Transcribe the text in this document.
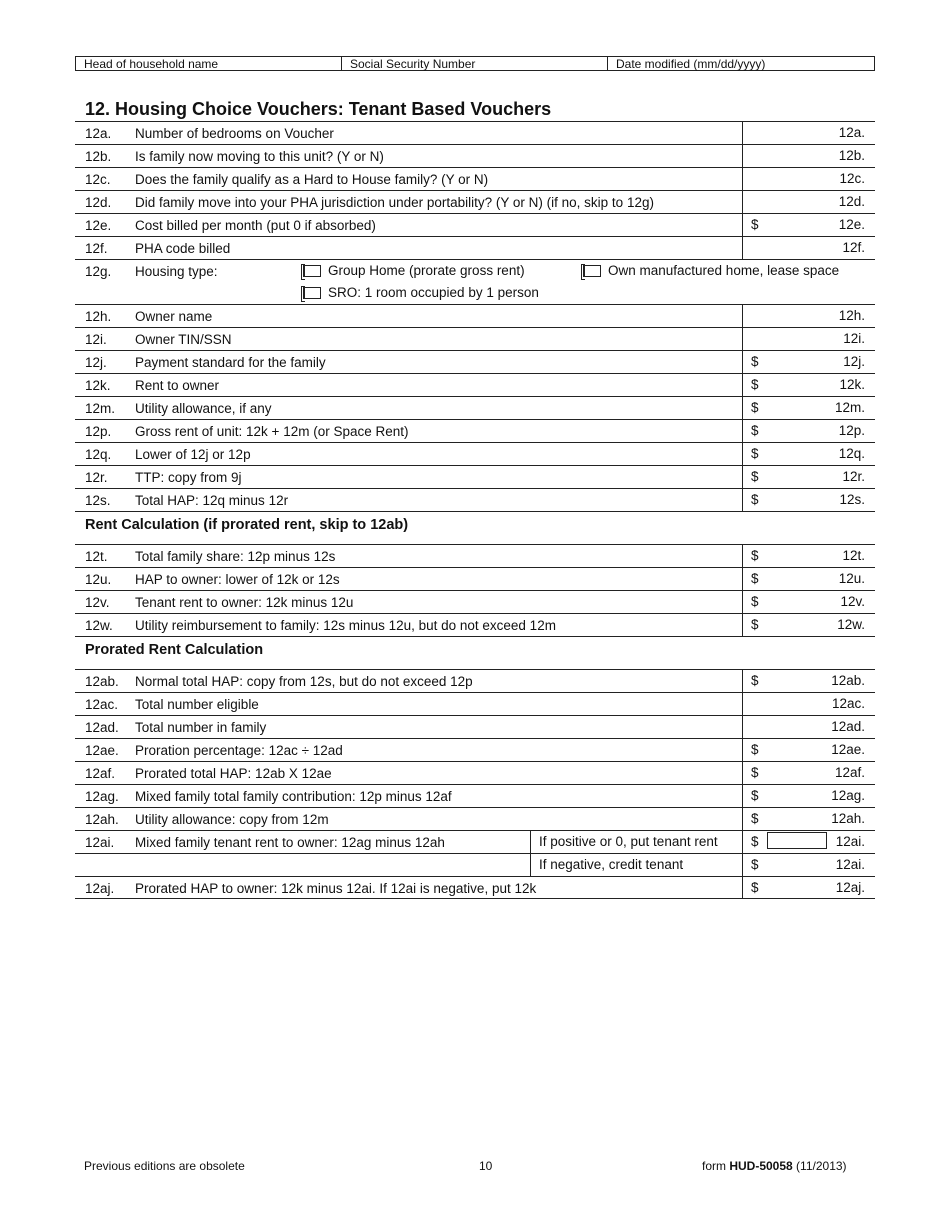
Head of household name	Social Security Number	Date modified (mm/dd/yyyy)
12. Housing Choice Vouchers: Tenant Based Vouchers
12a. Number of bedrooms on Voucher	12a.
12b. Is family now moving to this unit? (Y or N)	12b.
12c. Does the family qualify as a Hard to House family? (Y or N)	12c.
12d. Did family move into your PHA jurisdiction under portability? (Y or N) (if no, skip to 12g)	12d.
12e. Cost billed per month (put 0 if absorbed)	$	12e.
12f. PHA code billed	12f.
12g. Housing type:	Group Home (prorate gross rent)	Own manufactured home, lease space
SRO: 1 room occupied by 1 person
12h. Owner name	12h.
12i. Owner TIN/SSN	12i.
12j. Payment standard for the family	$	12j.
12k. Rent to owner	$	12k.
12m. Utility allowance, if any	$	12m.
12p. Gross rent of unit: 12k + 12m (or Space Rent)	$	12p.
12q. Lower of 12j or 12p	$	12q.
12r. TTP: copy from 9j	$	12r.
12s. Total HAP: 12q minus 12r	$	12s.
Rent Calculation (if prorated rent, skip to 12ab)
12t. Total family share: 12p minus 12s	$	12t.
12u. HAP to owner: lower of 12k or 12s	$	12u.
12v. Tenant rent to owner: 12k minus 12u	$	12v.
12w. Utility reimbursement to family: 12s minus 12u, but do not exceed 12m	$	12w.
Prorated Rent Calculation
12ab. Normal total HAP: copy from 12s, but do not exceed 12p	$	12ab.
12ac. Total number eligible	12ac.
12ad. Total number in family	12ad.
12ae. Proration percentage: 12ac ÷ 12ad	$	12ae.
12af. Prorated total HAP: 12ab X 12ae	$	12af.
12ag. Mixed family total family contribution: 12p minus 12af	$	12ag.
12ah. Utility allowance: copy from 12m	$	12ah.
12ai. Mixed family tenant rent to owner: 12ag minus 12ah	If positive or 0, put tenant rent $	12ai.
If negative, credit tenant	$	12ai.
12aj. Prorated HAP to owner: 12k minus 12ai. If 12ai is negative, put 12k	$	12aj.
Previous editions are obsolete	10	form HUD-50058 (11/2013)
